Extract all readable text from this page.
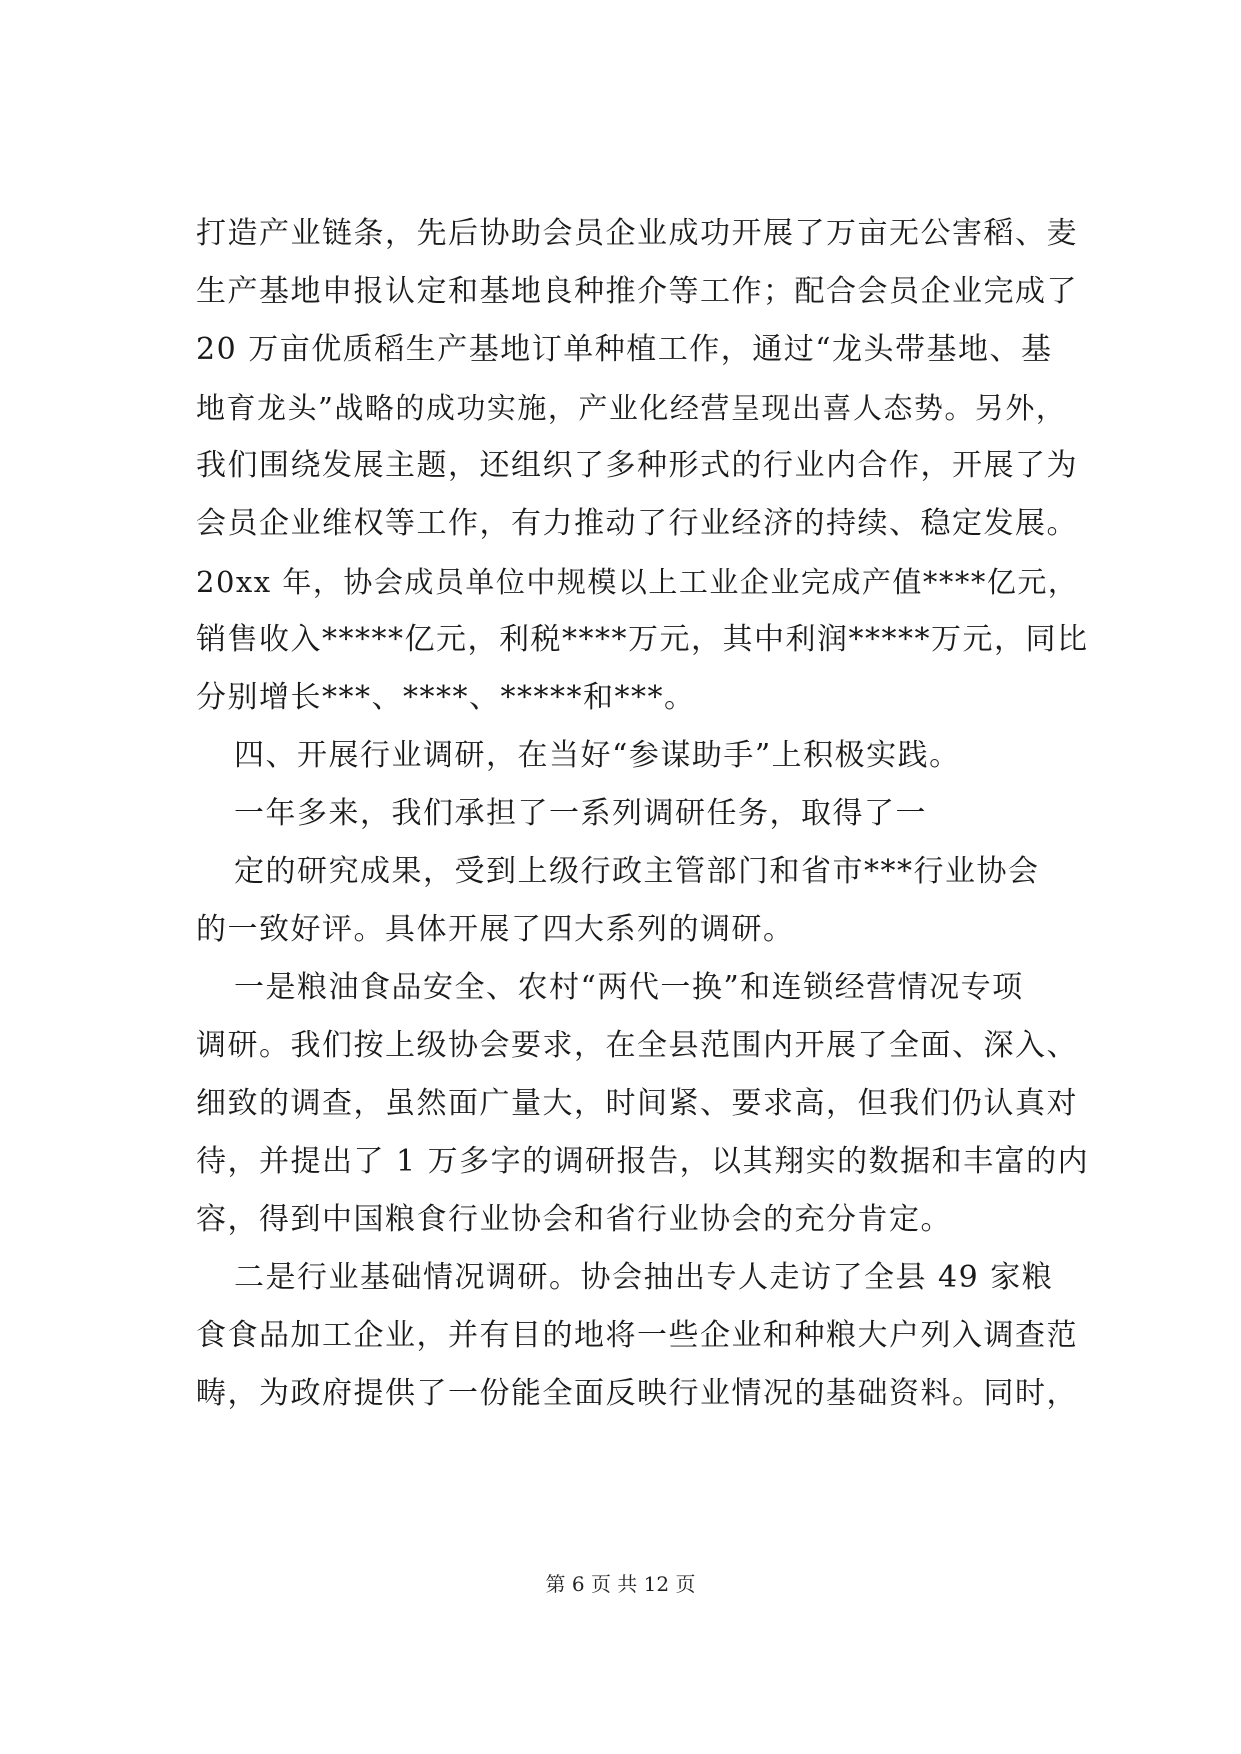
打造产业链条，先后协助会员企业成功开展了万亩无公害稻、麦
生产基地申报认定和基地良种推介等工作；配合会员企业完成了
20 万亩优质稻生产基地订单种植工作，通过“龙头带基地、基
地育龙头”战略的成功实施，产业化经营呈现出喜人态势。另外，
我们围绕发展主题，还组织了多种形式的行业内合作，开展了为
会员企业维权等工作，有力推动了行业经济的持续、稳定发展。
20xx 年，协会成员单位中规模以上工业企业完成产值****亿元，
销售收入*****亿元，利税****万元，其中利润*****万元，同比
分别增长***、****、*****和***。
四、开展行业调研，在当好“参谋助手”上积极实践。
一年多来，我们承担了一系列调研任务，取得了一
定的研究成果，受到上级行政主管部门和省市***行业协会
的一致好评。具体开展了四大系列的调研。
一是粮油食品安全、农村“两代一换”和连锁经营情况专项
调研。我们按上级协会要求，在全县范围内开展了全面、深入、
细致的调查，虽然面广量大，时间紧、要求高，但我们仍认真对
待，并提出了 1 万多字的调研报告，以其翔实的数据和丰富的内
容，得到中国粮食行业协会和省行业协会的充分肯定。
二是行业基础情况调研。协会抽出专人走访了全县 49 家粮
食食品加工企业，并有目的地将一些企业和种粮大户列入调查范
畴，为政府提供了一份能全面反映行业情况的基础资料。同时，
第 6 页 共 12 页
